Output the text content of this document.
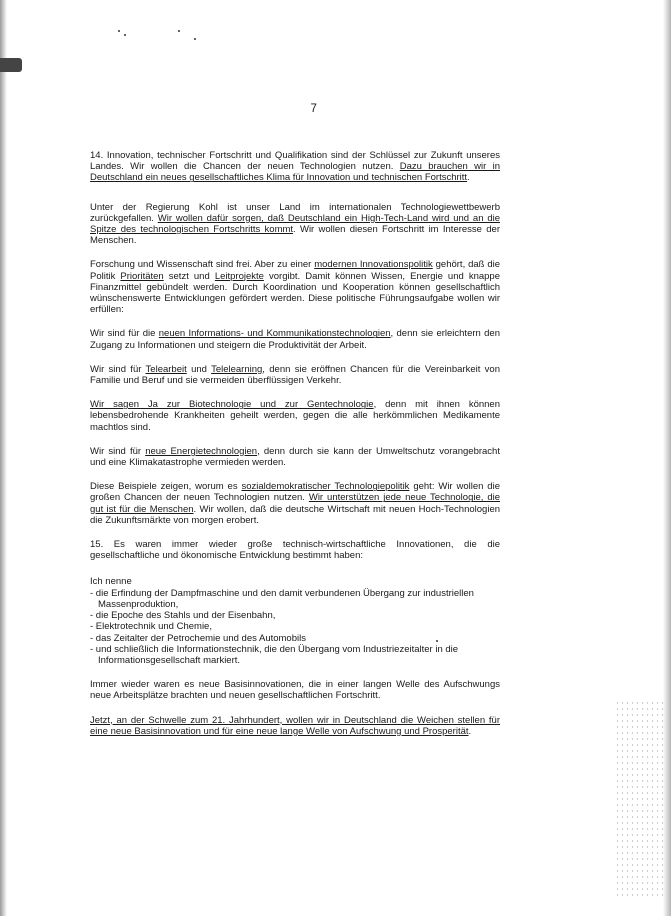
7

14. Innovation, technischer Fortschritt und Qualifikation sind der Schlüssel zur Zukunft unseres Landes. Wir wollen die Chancen der neuen Technologien nutzen. Dazu brauchen wir in Deutschland ein neues gesellschaftliches Klima für Innovation und technischen Fortschritt.

Unter der Regierung Kohl ist unser Land im internationalen Technologiewettbewerb zurückgefallen. Wir wollen dafür sorgen, daß Deutschland ein High-Tech-Land wird und an die Spitze des technologischen Fortschritts kommt. Wir wollen diesen Fortschritt im Interesse der Menschen.

Forschung und Wissenschaft sind frei. Aber zu einer modernen Innovationspolitik gehört, daß die Politik Prioritäten setzt und Leitprojekte vorgibt. Damit können Wissen, Energie und knappe Finanzmittel gebündelt werden. Durch Koordination und Kooperation können gesellschaftlich wünschenswerte Entwicklungen gefördert werden. Diese politische Führungsaufgabe wollen wir erfüllen:

Wir sind für die neuen Informations- und Kommunikationstechnologien, denn sie erleichtern den Zugang zu Informationen und steigern die Produktivität der Arbeit.

Wir sind für Telearbeit und Telelearning, denn sie eröffnen Chancen für die Vereinbarkeit von Familie und Beruf und sie vermeiden überflüssigen Verkehr.

Wir sagen Ja zur Biotechnologie und zur Gentechnologie, denn mit ihnen können lebensbedrohende Krankheiten geheilt werden, gegen die alle herkömmlichen Medikamente machtlos sind.

Wir sind für neue Energietechnologien, denn durch sie kann der Umweltschutz vorangebracht und eine Klimakatastrophe vermieden werden.

Diese Beispiele zeigen, worum es sozialdemokratischer Technologiepolitik geht: Wir wollen die großen Chancen der neuen Technologien nutzen. Wir unterstützen jede neue Technologie, die gut ist für die Menschen. Wir wollen, daß die deutsche Wirtschaft mit neuen Hoch-Technologien die Zukunftsmärkte von morgen erobert.

15. Es waren immer wieder große technisch-wirtschaftliche Innovationen, die die gesellschaftliche und ökonomische Entwicklung bestimmt haben:

Ich nenne

- die Erfindung der Dampfmaschine und den damit verbundenen Übergang zur industriellen Massenproduktion,
- die Epoche des Stahls und der Eisenbahn,
- Elektrotechnik und Chemie,
- das Zeitalter der Petrochemie und des Automobils
- und schließlich die Informationstechnik, die den Übergang vom Industriezeitalter in die Informationsgesellschaft markiert.

Immer wieder waren es neue Basisinnovationen, die in einer langen Welle des Aufschwungs neue Arbeitsplätze brachten und neuen gesellschaftlichen Fortschritt.

Jetzt, an der Schwelle zum 21. Jahrhundert, wollen wir in Deutschland die Weichen stellen für eine neue Basisinnovation und für eine neue lange Welle von Aufschwung und Prosperität.
